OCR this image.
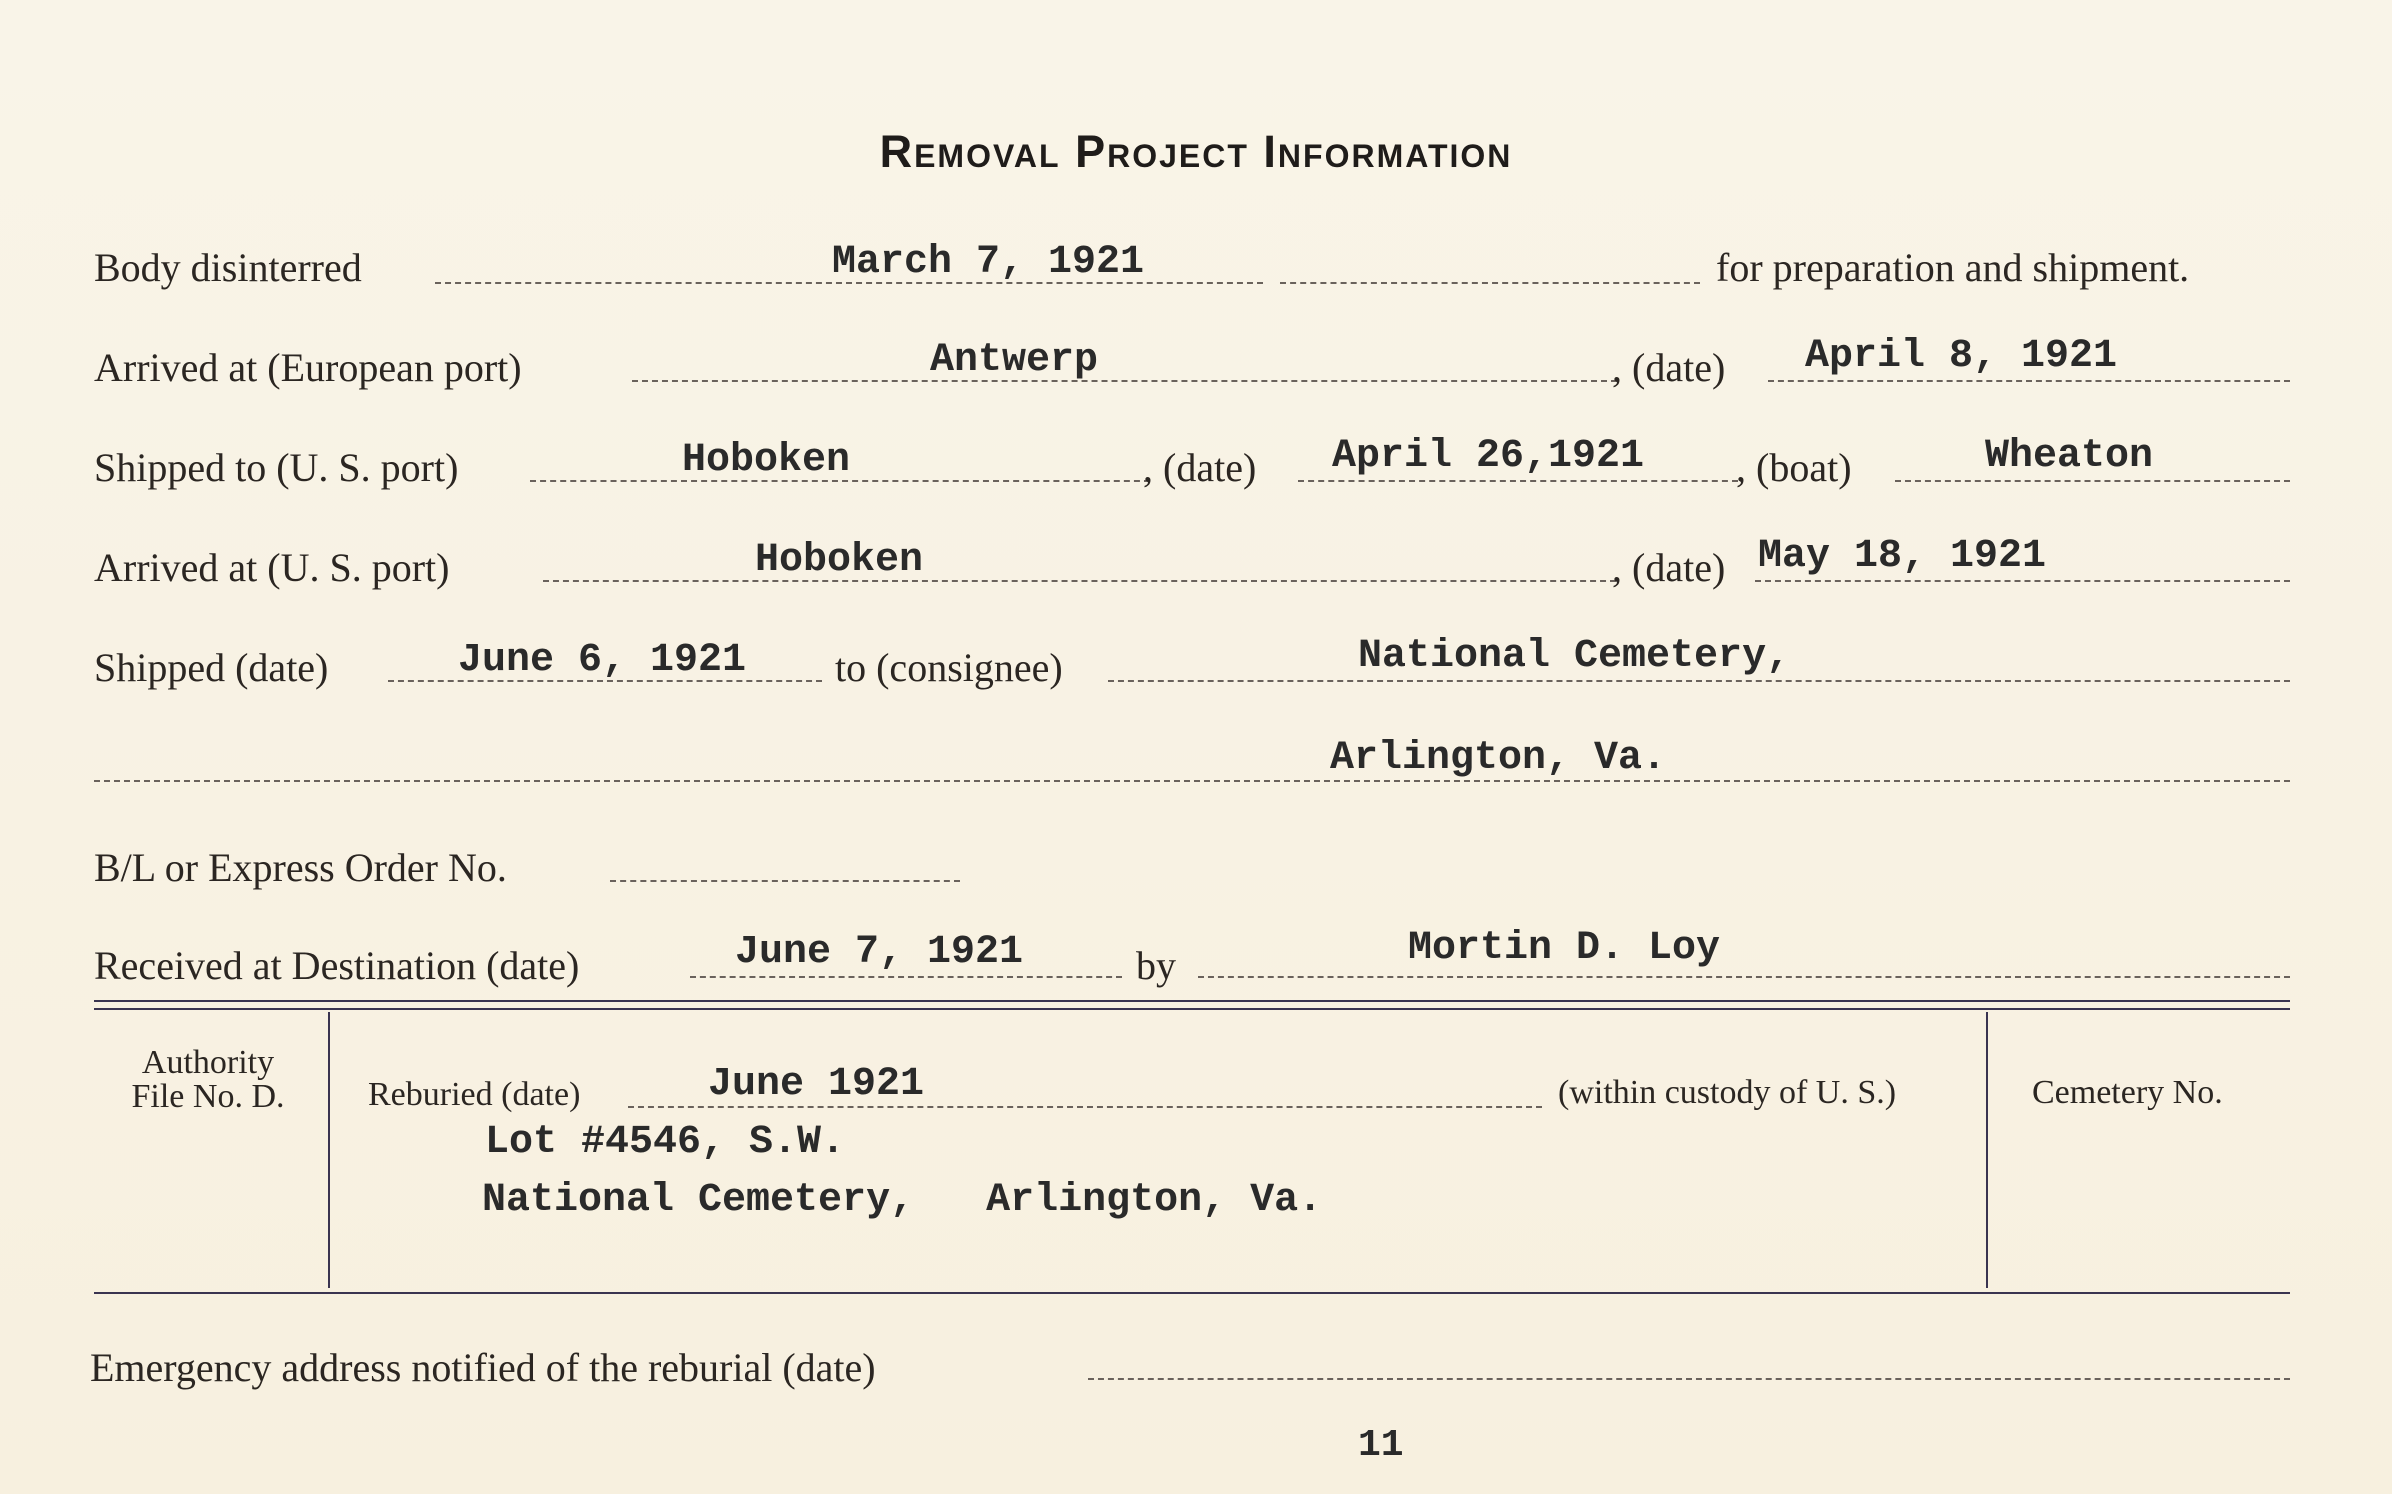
Removal Project Information
Body disinterred	March 7, 1921	for preparation and shipment.
Arrived at (European port)	Antwerp	, (date) April 8, 1921
Shipped to (U. S. port)	Hoboken	, (date) April 26,1921 , (boat)	Wheaton
Arrived at (U. S. port)	Hoboken	, (date) May 18, 1921
Shipped (date)	June 6, 1921 to (consignee)	National Cemetery,
Arlington, Va.
B/L or Express Order No.
Received at Destination (date)	June 7, 1921	by	Mortin D. Loy
Authority
File No. D.	Reburied (date)	June 1921	(within custody of U. S.)
Lot #4546, S.W.
National Cemetery,   Arlington, Va.
Cemetery No.
Emergency address notified of the reburial (date)
11
